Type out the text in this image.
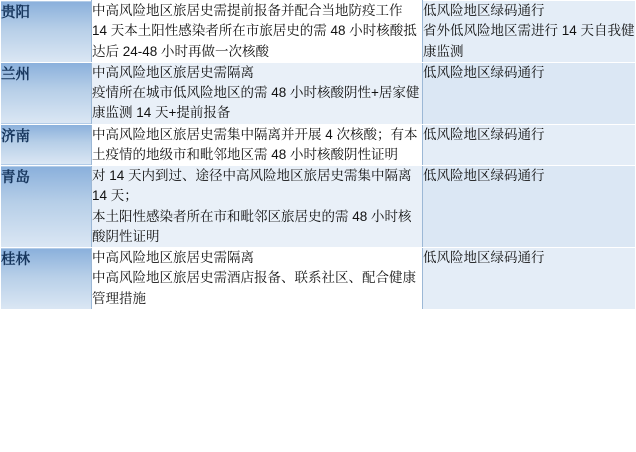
贵阳	中高风险地区旅居史需提前报备并配合当地防疫工作
14 天本土阳性感染者所在市旅居史的需 48 小时核酸抵达后 24-48 小时再做一次核酸	低风险地区绿码通行
省外低风险地区需进行 14 天自我健康监测

兰州	中高风险地区旅居史需隔离
疫情所在城市低风险地区的需 48 小时核酸阴性+居家健康监测 14 天+提前报备	低风险地区绿码通行

济南	中高风险地区旅居史需集中隔离并开展 4 次核酸；有本土疫情的地级市和毗邻地区需 48 小时核酸阴性证明	低风险地区绿码通行

青岛	对 14 天内到过、途径中高风险地区旅居史需集中隔离 14 天；
本土阳性感染者所在市和毗邻区旅居史的需 48 小时核酸阴性证明	低风险地区绿码通行

桂林	中高风险地区旅居史需隔离
中高风险地区旅居史需酒店报备、联系社区、配合健康管理措施	低风险地区绿码通行
